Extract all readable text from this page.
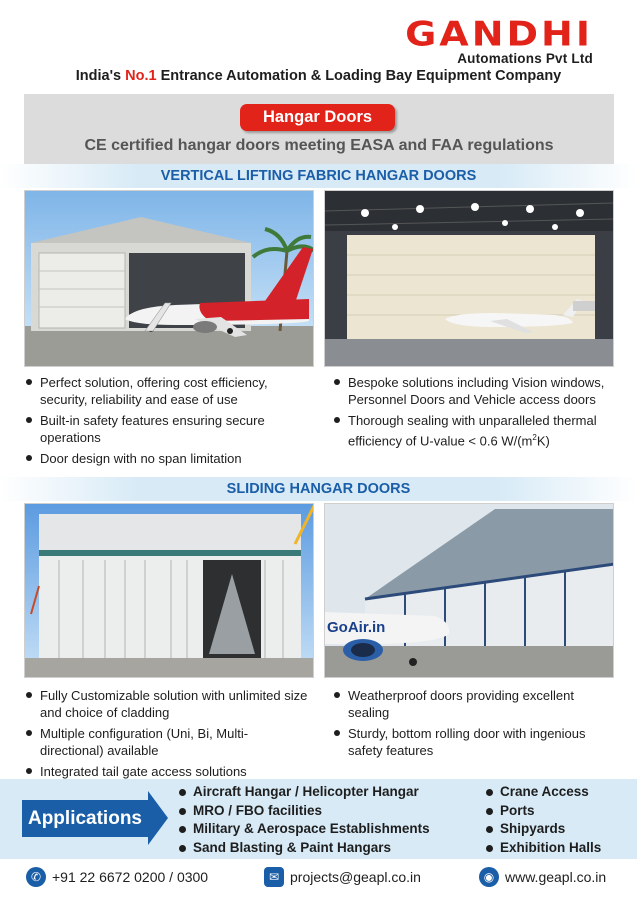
GANDHI
Automations Pvt Ltd
India's No.1 Entrance Automation & Loading Bay Equipment Company
Hangar Doors
CE certified hangar doors meeting EASA and FAA regulations
VERTICAL LIFTING FABRIC HANGAR DOORS
Perfect solution, offering cost efficiency, security, reliability and ease of use
Built-in safety features ensuring secure operations
Door design with no span limitation
Bespoke solutions including Vision windows, Personnel Doors and Vehicle access doors
Thorough sealing with unparalleled thermal efficiency of U-value < 0.6 $W/(m^2K)$
SLIDING HANGAR DOORS
GoAir.in
Fully Customizable solution with unlimited size and choice of cladding
Multiple configuration (Uni, Bi, Multi-directional) available
Integrated tail gate access solutions
Weatherproof doors providing excellent sealing
Sturdy, bottom rolling door with ingenious safety features
Applications
Aircraft Hangar / Helicopter Hangar
MRO / FBO facilities
Military & Aerospace Establishments
Sand Blasting & Paint Hangars
Crane Access
Ports
Shipyards
Exhibition Halls
✆ +91 22 6672 0200 / 0300	✉ projects@geapl.co.in	◉ www.geapl.co.in
